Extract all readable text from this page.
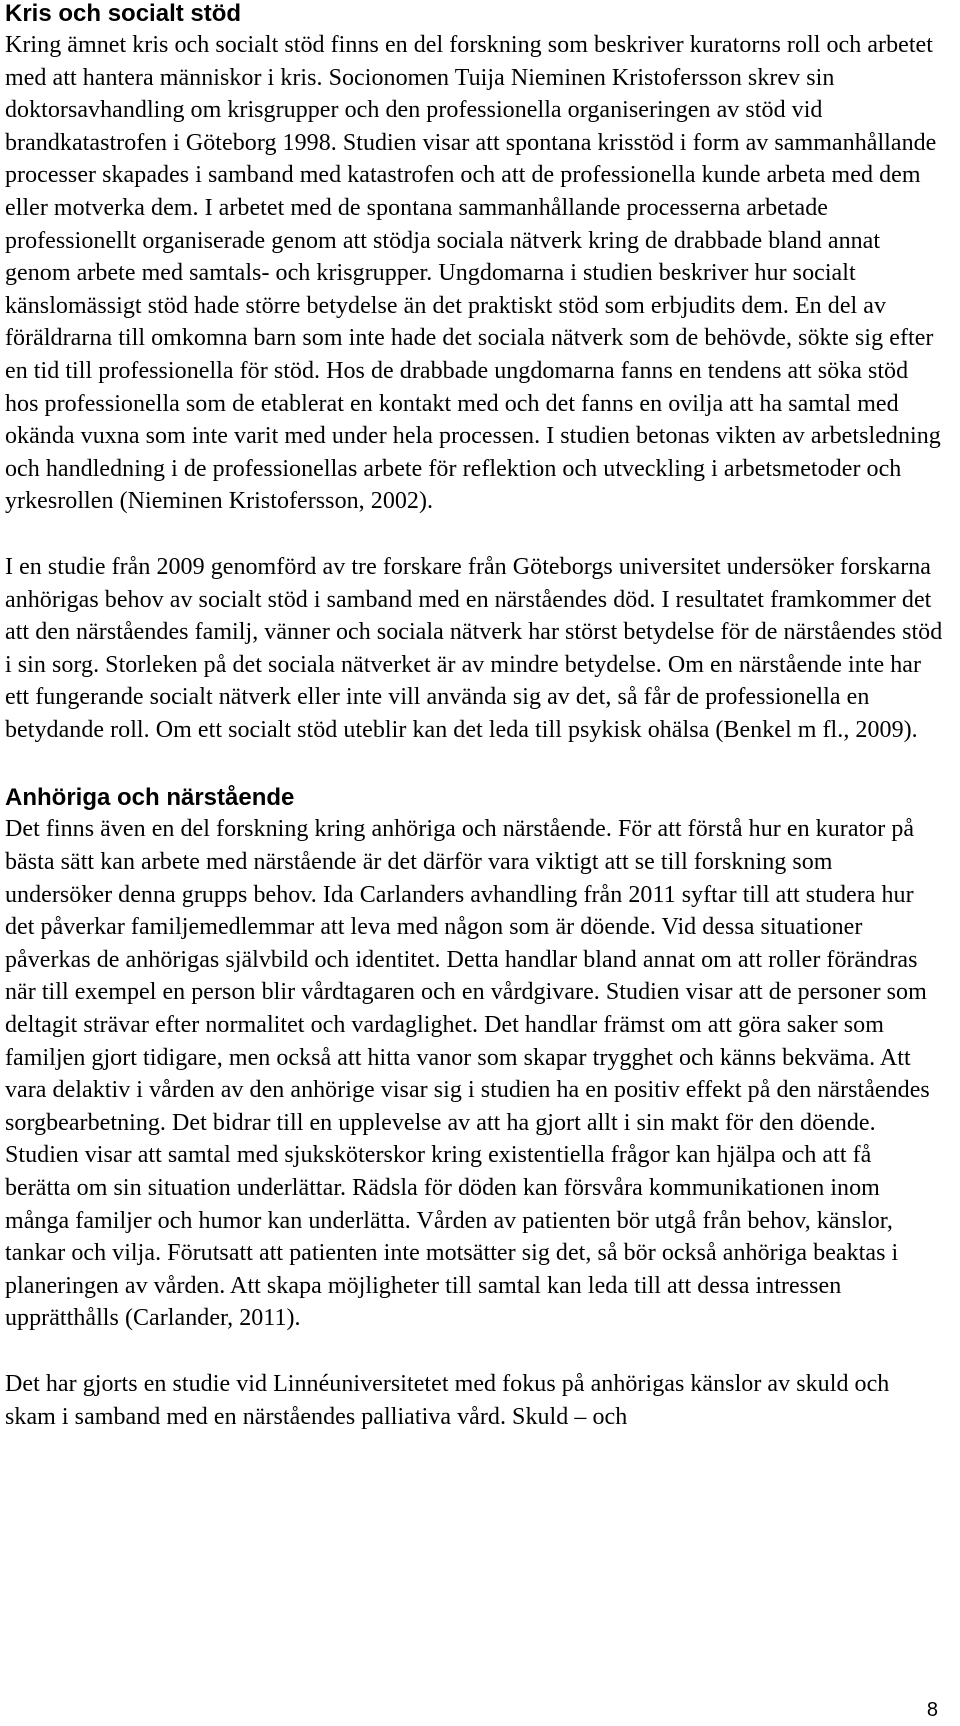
Kris och socialt stöd

Kring ämnet kris och socialt stöd finns en del forskning som beskriver kuratorns roll och arbetet med att hantera människor i kris. Socionomen Tuija Nieminen Kristofersson skrev sin doktorsavhandling om krisgrupper och den professionella organiseringen av stöd vid brandkatastrofen i Göteborg 1998. Studien visar att spontana krisstöd i form av sammanhållande processer skapades i samband med katastrofen och att de professionella kunde arbeta med dem eller motverka dem. I arbetet med de spontana sammanhållande processerna arbetade professionellt organiserade genom att stödja sociala nätverk kring de drabbade bland annat genom arbete med samtals- och krisgrupper. Ungdomarna i studien beskriver hur socialt känslomässigt stöd hade större betydelse än det praktiskt stöd som erbjudits dem. En del av föräldrarna till omkomna barn som inte hade det sociala nätverk som de behövde, sökte sig efter en tid till professionella för stöd. Hos de drabbade ungdomarna fanns en tendens att söka stöd hos professionella som de etablerat en kontakt med och det fanns en ovilja att ha samtal med okända vuxna som inte varit med under hela processen. I studien betonas vikten av arbetsledning och handledning i de professionellas arbete för reflektion och utveckling i arbetsmetoder och yrkesrollen (Nieminen Kristofersson, 2002).

I en studie från 2009 genomförd av tre forskare från Göteborgs universitet undersöker forskarna anhörigas behov av socialt stöd i samband med en närståendes död. I resultatet framkommer det att den närståendes familj, vänner och sociala nätverk har störst betydelse för de närståendes stöd i sin sorg. Storleken på det sociala nätverket är av mindre betydelse. Om en närstående inte har ett fungerande socialt nätverk eller inte vill använda sig av det, så får de professionella en betydande roll. Om ett socialt stöd uteblir kan det leda till psykisk ohälsa (Benkel m fl., 2009).

Anhöriga och närstående

Det finns även en del forskning kring anhöriga och närstående. För att förstå hur en kurator på bästa sätt kan arbete med närstående är det därför vara viktigt att se till forskning som undersöker denna grupps behov. Ida Carlanders avhandling från 2011 syftar till att studera hur det påverkar familjemedlemmar att leva med någon som är döende. Vid dessa situationer påverkas de anhörigas självbild och identitet. Detta handlar bland annat om att roller förändras när till exempel en person blir vårdtagaren och en vårdgivare. Studien visar att de personer som deltagit strävar efter normalitet och vardaglighet. Det handlar främst om att göra saker som familjen gjort tidigare, men också att hitta vanor som skapar trygghet och känns bekväma. Att vara delaktiv i vården av den anhörige visar sig i studien ha en positiv effekt på den närståendes sorgbearbetning. Det bidrar till en upplevelse av att ha gjort allt i sin makt för den döende. Studien visar att samtal med sjuksköterskor kring existentiella frågor kan hjälpa och att få berätta om sin situation underlättar. Rädsla för döden kan försvåra kommunikationen inom många familjer och humor kan underlätta. Vården av patienten bör utgå från behov, känslor, tankar och vilja. Förutsatt att patienten inte motsätter sig det, så bör också anhöriga beaktas i planeringen av vården. Att skapa möjligheter till samtal kan leda till att dessa intressen upprätthålls (Carlander, 2011).

Det har gjorts en studie vid Linnéuniversitetet med fokus på anhörigas känslor av skuld och skam i samband med en närståendes palliativa vård. Skuld – och

8
